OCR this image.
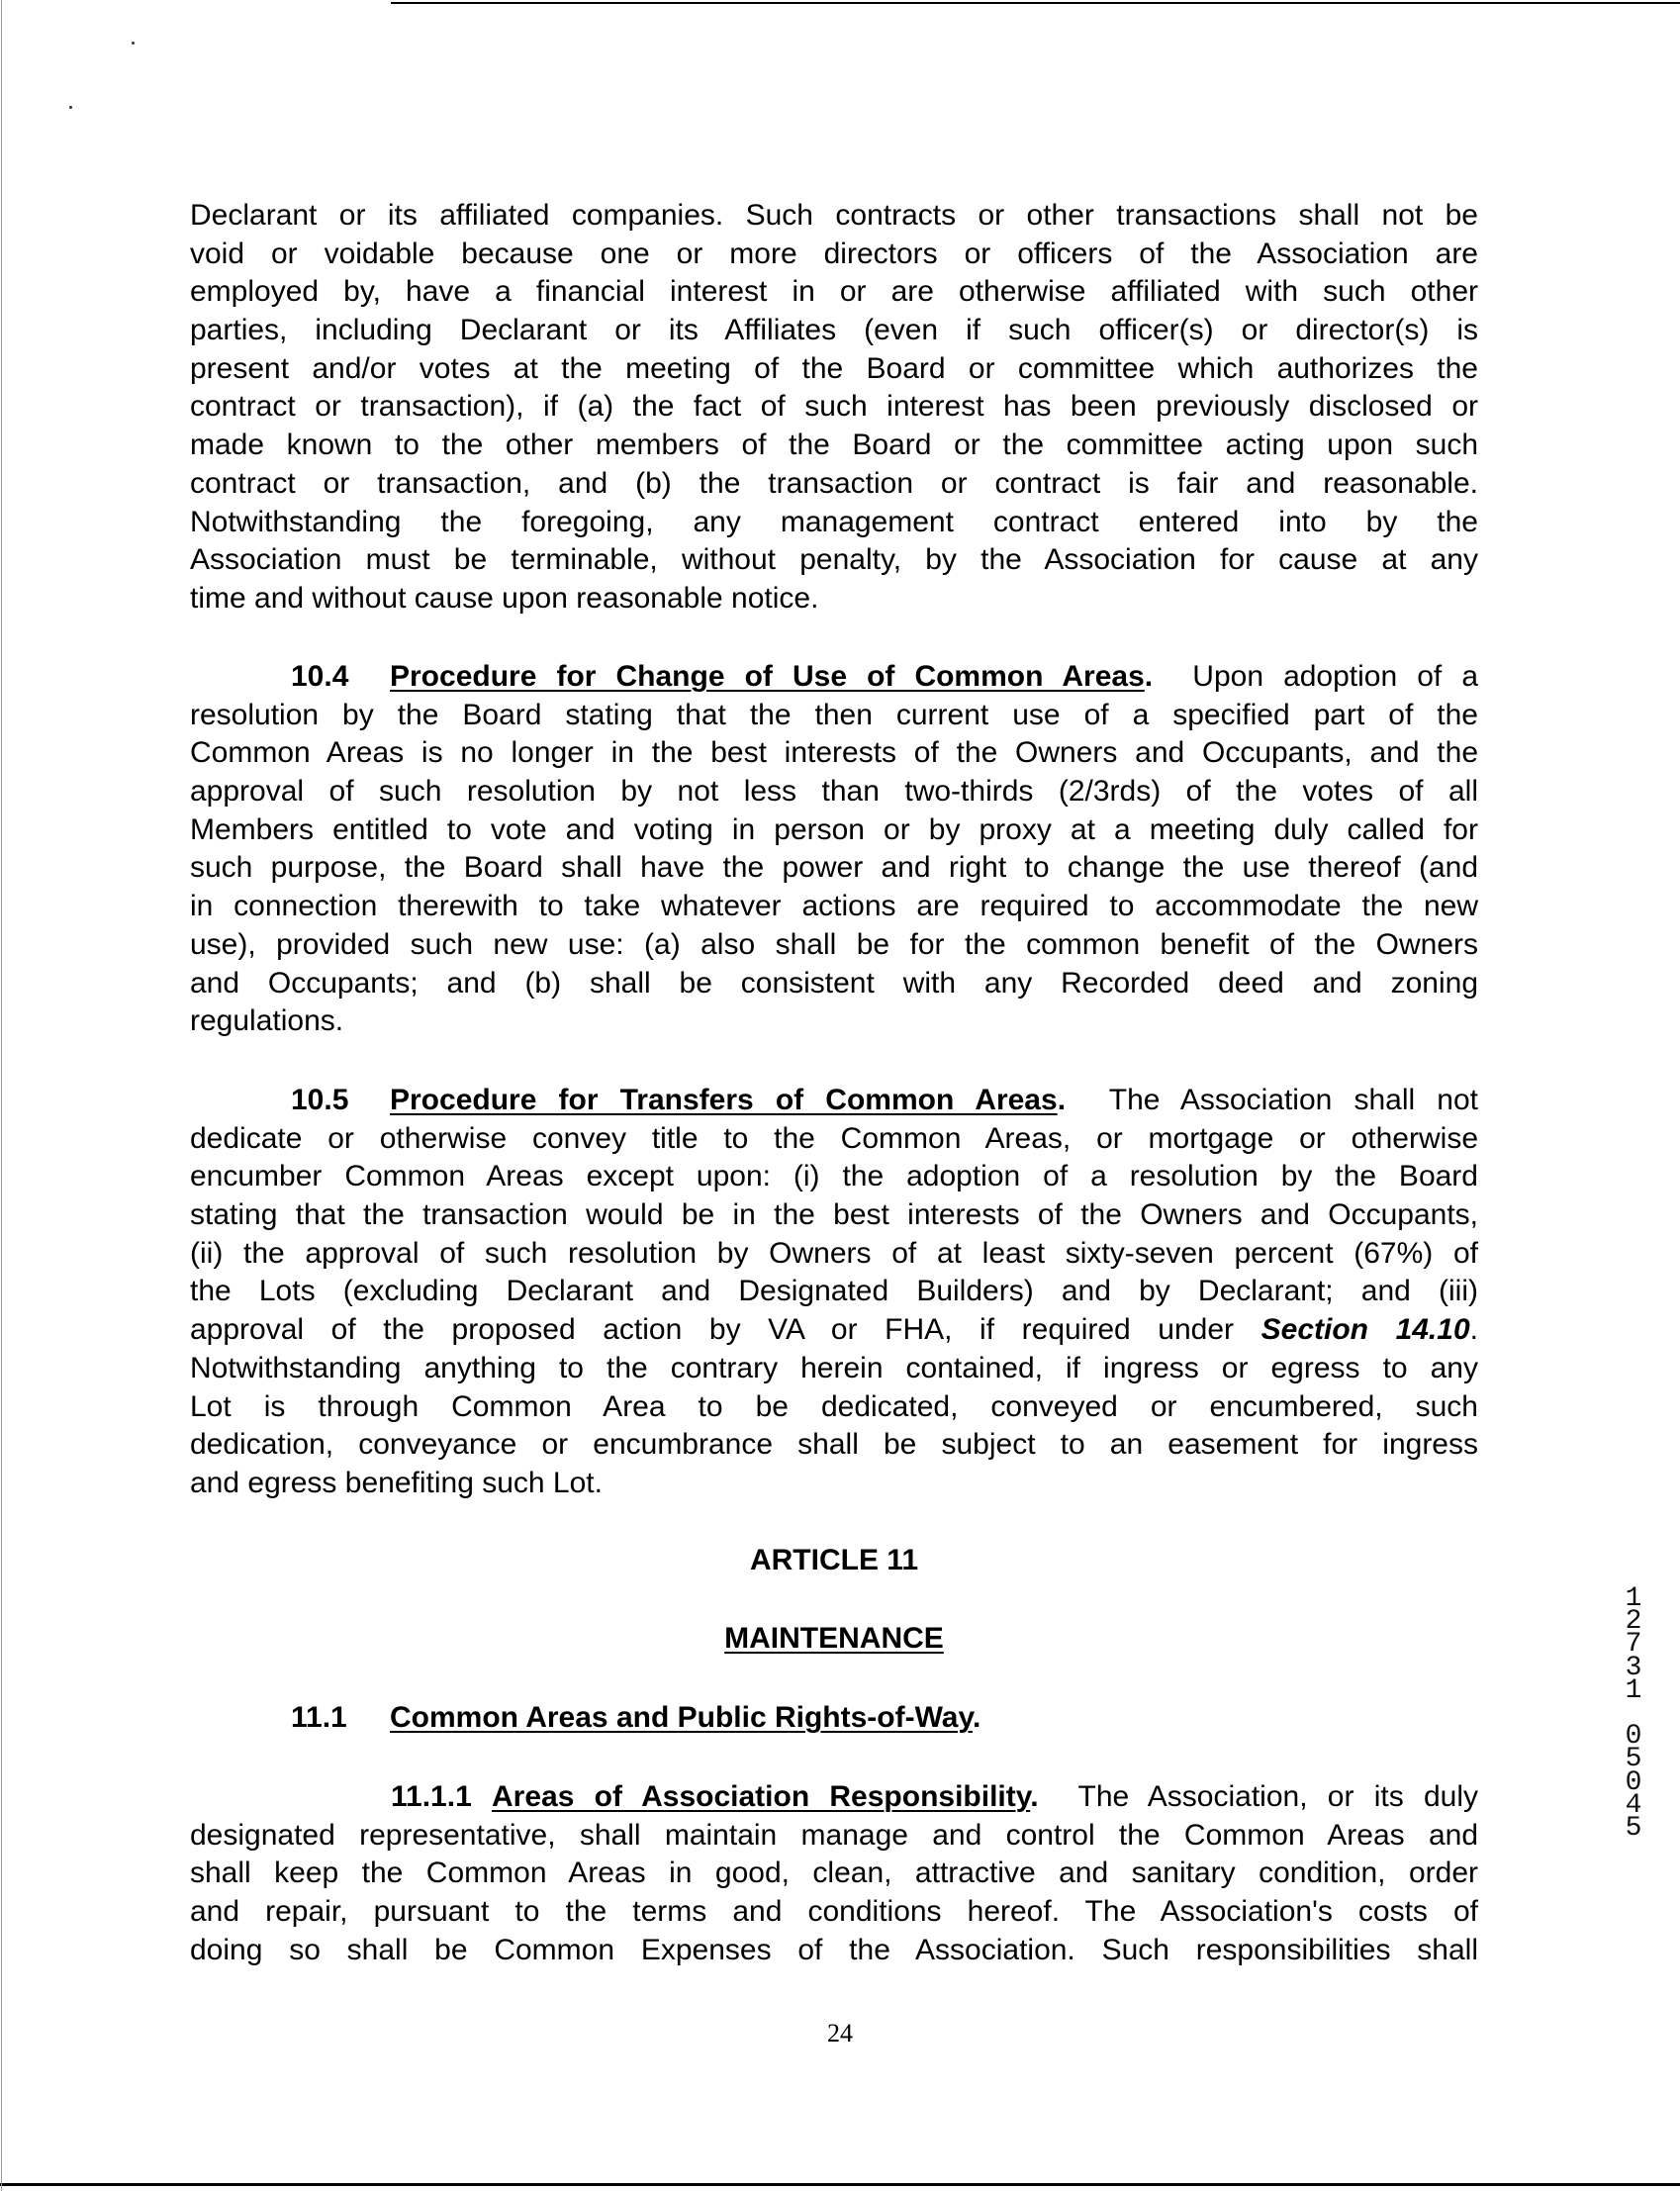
Declarant or its affiliated companies. Such contracts or other transactions shall not be
void or voidable because one or more directors or officers of the Association are
employed by, have a financial interest in or are otherwise affiliated with such other
parties, including Declarant or its Affiliates (even if such officer(s) or director(s) is
present and/or votes at the meeting of the Board or committee which authorizes the
contract or transaction), if (a) the fact of such interest has been previously disclosed or
made known to the other members of the Board or the committee acting upon such
contract or transaction, and (b) the transaction or contract is fair and reasonable.
Notwithstanding the foregoing, any management contract entered into by the
Association must be terminable, without penalty, by the Association for cause at any
time and without cause upon reasonable notice.
10.4 Procedure for Change of Use of Common Areas. Upon adoption of a
resolution by the Board stating that the then current use of a specified part of the
Common Areas is no longer in the best interests of the Owners and Occupants, and the
approval of such resolution by not less than two-thirds (2/3rds) of the votes of all
Members entitled to vote and voting in person or by proxy at a meeting duly called for
such purpose, the Board shall have the power and right to change the use thereof (and
in connection therewith to take whatever actions are required to accommodate the new
use), provided such new use: (a) also shall be for the common benefit of the Owners
and Occupants; and (b) shall be consistent with any Recorded deed and zoning
regulations.
10.5 Procedure for Transfers of Common Areas. The Association shall not
dedicate or otherwise convey title to the Common Areas, or mortgage or otherwise
encumber Common Areas except upon: (i) the adoption of a resolution by the Board
stating that the transaction would be in the best interests of the Owners and Occupants,
(ii) the approval of such resolution by Owners of at least sixty-seven percent (67%) of
the Lots (excluding Declarant and Designated Builders) and by Declarant; and (iii)
approval of the proposed action by VA or FHA, if required under Section 14.10.
Notwithstanding anything to the contrary herein contained, if ingress or egress to any
Lot is through Common Area to be dedicated, conveyed or encumbered, such
dedication, conveyance or encumbrance shall be subject to an easement for ingress
and egress benefiting such Lot.
ARTICLE 11
MAINTENANCE
11.1 Common Areas and Public Rights-of-Way.
11.1.1 Areas of Association Responsibility. The Association, or its duly
designated representative, shall maintain manage and control the Common Areas and
shall keep the Common Areas in good, clean, attractive and sanitary condition, order
and repair, pursuant to the terms and conditions hereof. The Association's costs of
doing so shall be Common Expenses of the Association. Such responsibilities shall
24
1
2
7
3
1
0
5
0
4
5
